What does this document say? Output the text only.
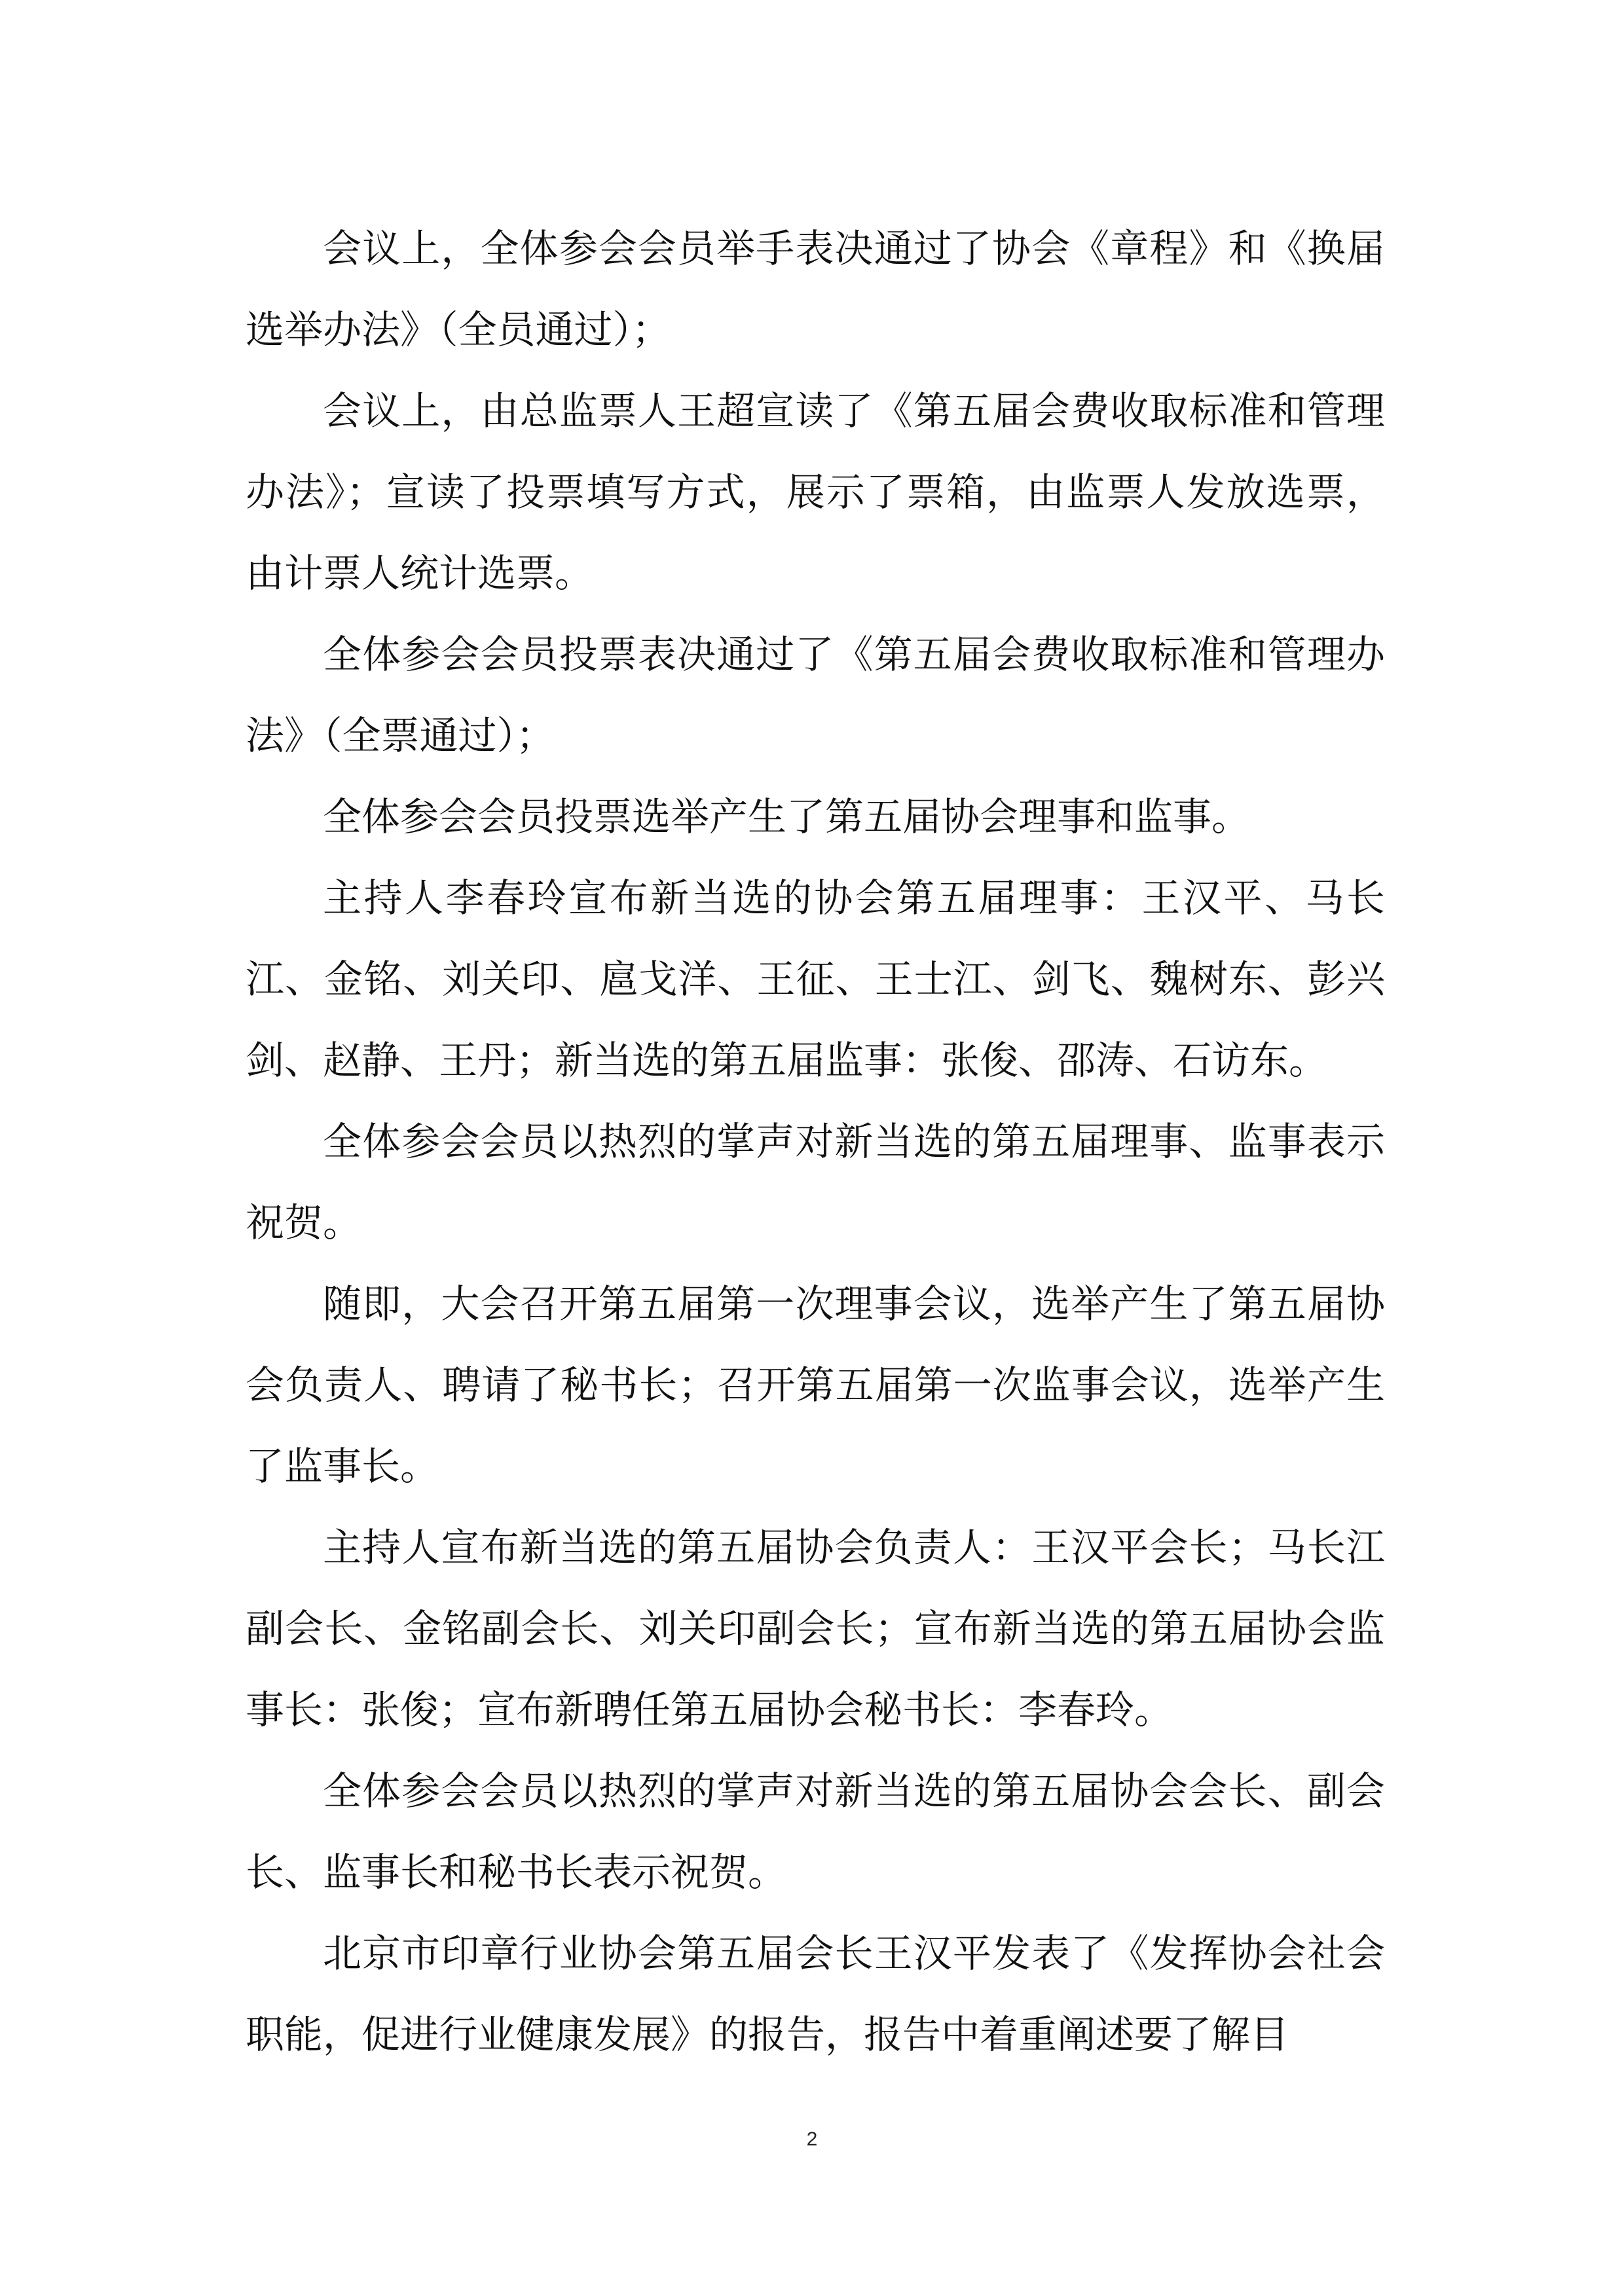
会议上，全体参会会员举手表决通过了协会《章程》和《换届选举办法》（全员通过）；

会议上，由总监票人王超宣读了《第五届会费收取标准和管理办法》；宣读了投票填写方式，展示了票箱，由监票人发放选票，由计票人统计选票。

全体参会会员投票表决通过了《第五届会费收取标准和管理办法》（全票通过）；

全体参会会员投票选举产生了第五届协会理事和监事。

主持人李春玲宣布新当选的协会第五届理事：王汉平、马长江、金铭、刘关印、扈戈洋、王征、王士江、剑飞、魏树东、彭兴剑、赵静、王丹；新当选的第五届监事：张俊、邵涛、石访东。

全体参会会员以热烈的掌声对新当选的第五届理事、监事表示祝贺。

随即，大会召开第五届第一次理事会议，选举产生了第五届协会负责人、聘请了秘书长；召开第五届第一次监事会议，选举产生了监事长。

主持人宣布新当选的第五届协会负责人：王汉平会长；马长江副会长、金铭副会长、刘关印副会长；宣布新当选的第五届协会监事长：张俊；宣布新聘任第五届协会秘书长：李春玲。

全体参会会员以热烈的掌声对新当选的第五届协会会长、副会长、监事长和秘书长表示祝贺。

北京市印章行业协会第五届会长王汉平发表了《发挥协会社会职能，促进行业健康发展》的报告，报告中着重阐述要了解目

2
